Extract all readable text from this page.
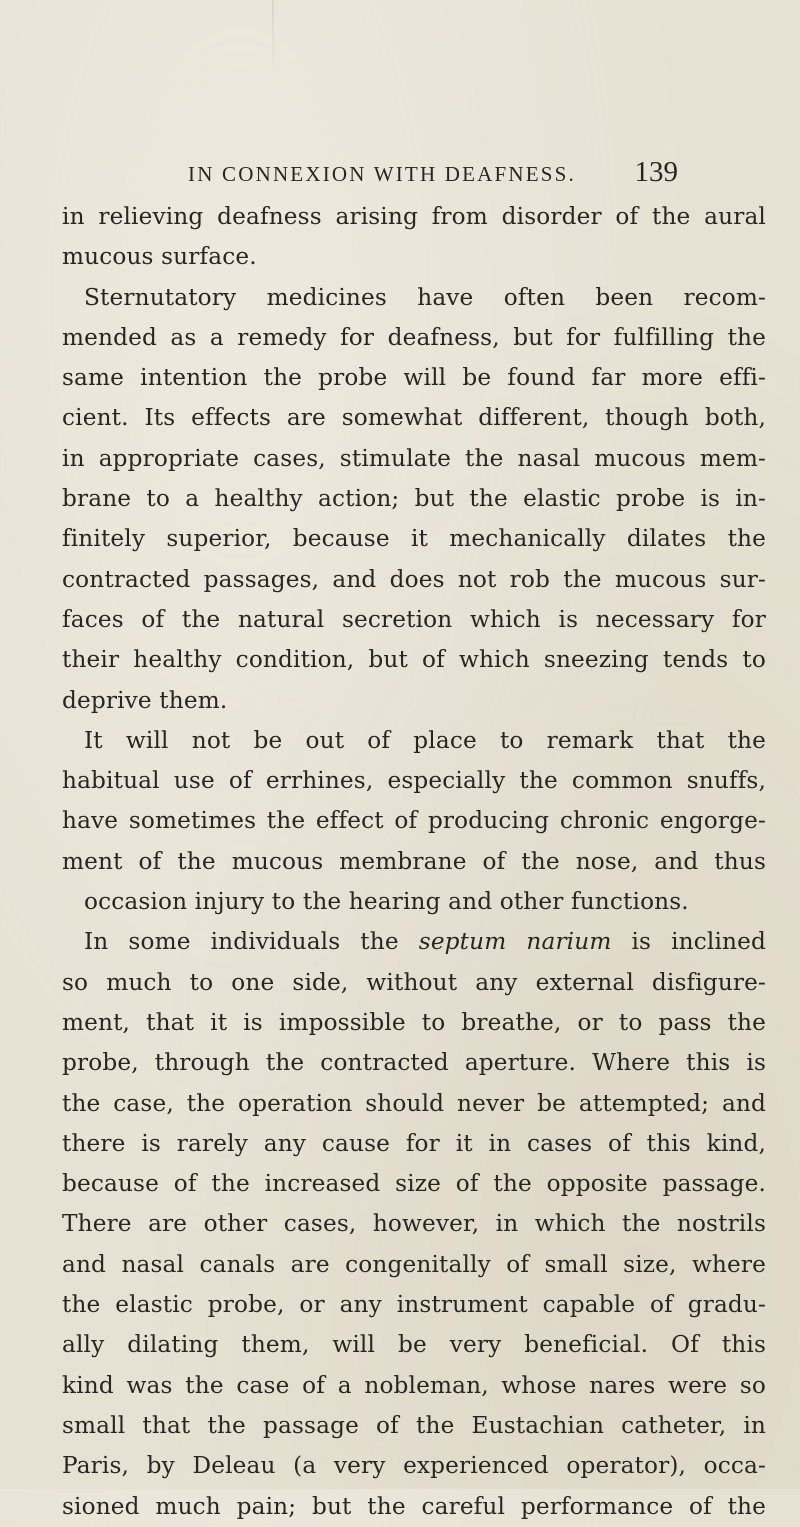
IN CONNEXION WITH DEAFNESS. 139
in relieving deafness arising from disorder of the aural
mucous surface.
Sternutatory medicines have often been recom-
mended as a remedy for deafness, but for fulfilling the
same intention the probe will be found far more effi-
cient. Its effects are somewhat different, though both,
in appropriate cases, stimulate the nasal mucous mem-
brane to a healthy action; but the elastic probe is in-
finitely superior, because it mechanically dilates the
contracted passages, and does not rob the mucous sur-
faces of the natural secretion which is necessary for
their healthy condition, but of which sneezing tends to
deprive them.
It will not be out of place to remark that the
habitual use of errhines, especially the common snuffs,
have sometimes the effect of producing chronic engorge-
ment of the mucous membrane of the nose, and thus
occasion injury to the hearing and other functions.
In some individuals the septum narium is inclined
so much to one side, without any external disfigure-
ment, that it is impossible to breathe, or to pass the
probe, through the contracted aperture. Where this is
the case, the operation should never be attempted; and
there is rarely any cause for it in cases of this kind,
because of the increased size of the opposite passage.
There are other cases, however, in which the nostrils
and nasal canals are congenitally of small size, where
the elastic probe, or any instrument capable of gradu-
ally dilating them, will be very beneficial. Of this
kind was the case of a nobleman, whose nares were so
small that the passage of the Eustachian catheter, in
Paris, by Deleau (a very experienced operator), occa-
sioned much pain; but the careful performance of the
